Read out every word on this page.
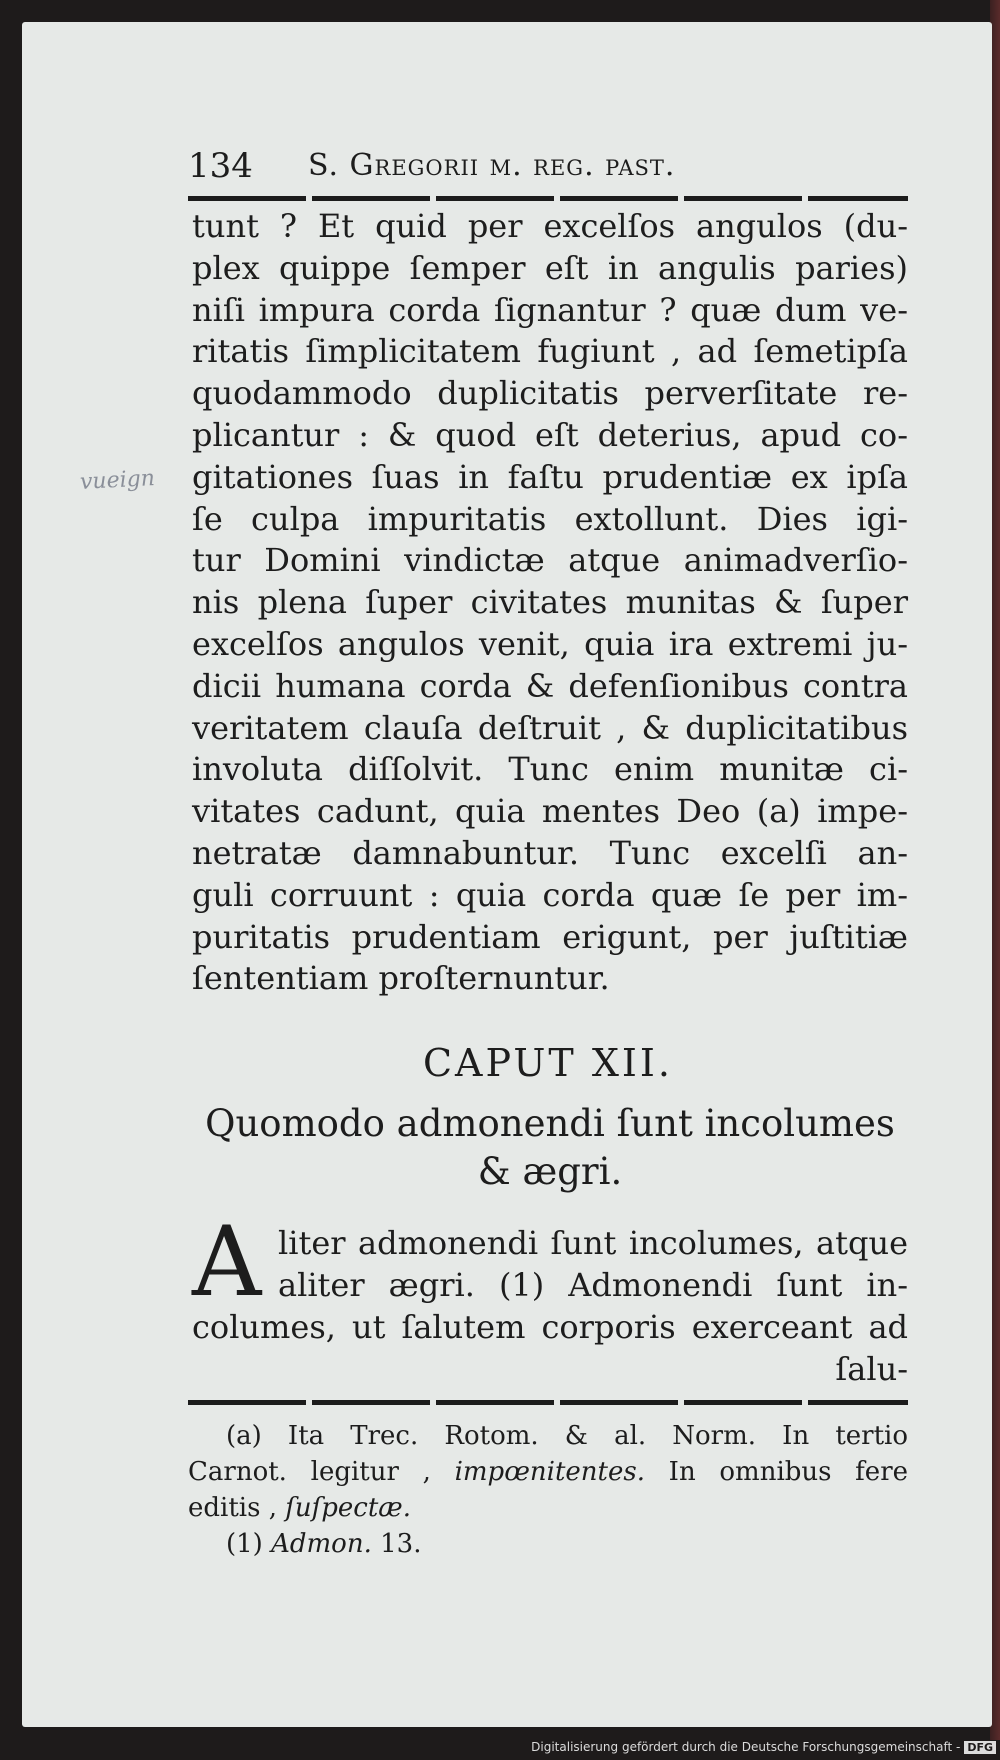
134 S. Gregorii m. reg. past.
vueign
tunt ? Et quid per excelſos angulos (du-
plex quippe ſemper eſt in angulis paries)
niſi impura corda ſignantur ? quæ dum ve-
ritatis ſimplicitatem fugiunt , ad ſemetipſa
quodammodo duplicitatis perverſitate re-
plicantur : & quod eſt deterius, apud co-
gitationes ſuas in faſtu prudentiæ ex ipſa
ſe culpa impuritatis extollunt. Dies igi-
tur Domini vindictæ atque animadverſio-
nis plena ſuper civitates munitas & ſuper
excelſos angulos venit, quia ira extremi ju-
dicii humana corda & defenſionibus contra
veritatem clauſa deſtruit , & duplicitatibus
involuta diſſolvit. Tunc enim munitæ ci-
vitates cadunt, quia mentes Deo (a) impe-
netratæ damnabuntur. Tunc excelſi an-
guli corruunt : quia corda quæ ſe per im-
puritatis prudentiam erigunt, per juſtitiæ
ſententiam proſternuntur.
CAPUT XII.
Quomodo admonendi ſunt incolumes
& ægri.
A liter admonendi ſunt incolumes, atque
aliter ægri. (1) Admonendi ſunt in-
columes, ut ſalutem corporis exerceant ad
ſalu-
(a) Ita Trec. Rotom. & al. Norm. In tertio
Carnot. legitur , impœnitentes. In omnibus fere
editis , ſuſpectæ.
(1) Admon. 13.
Digitalisierung gefördert durch die Deutsche Forschungsgemeinschaft - DFG
